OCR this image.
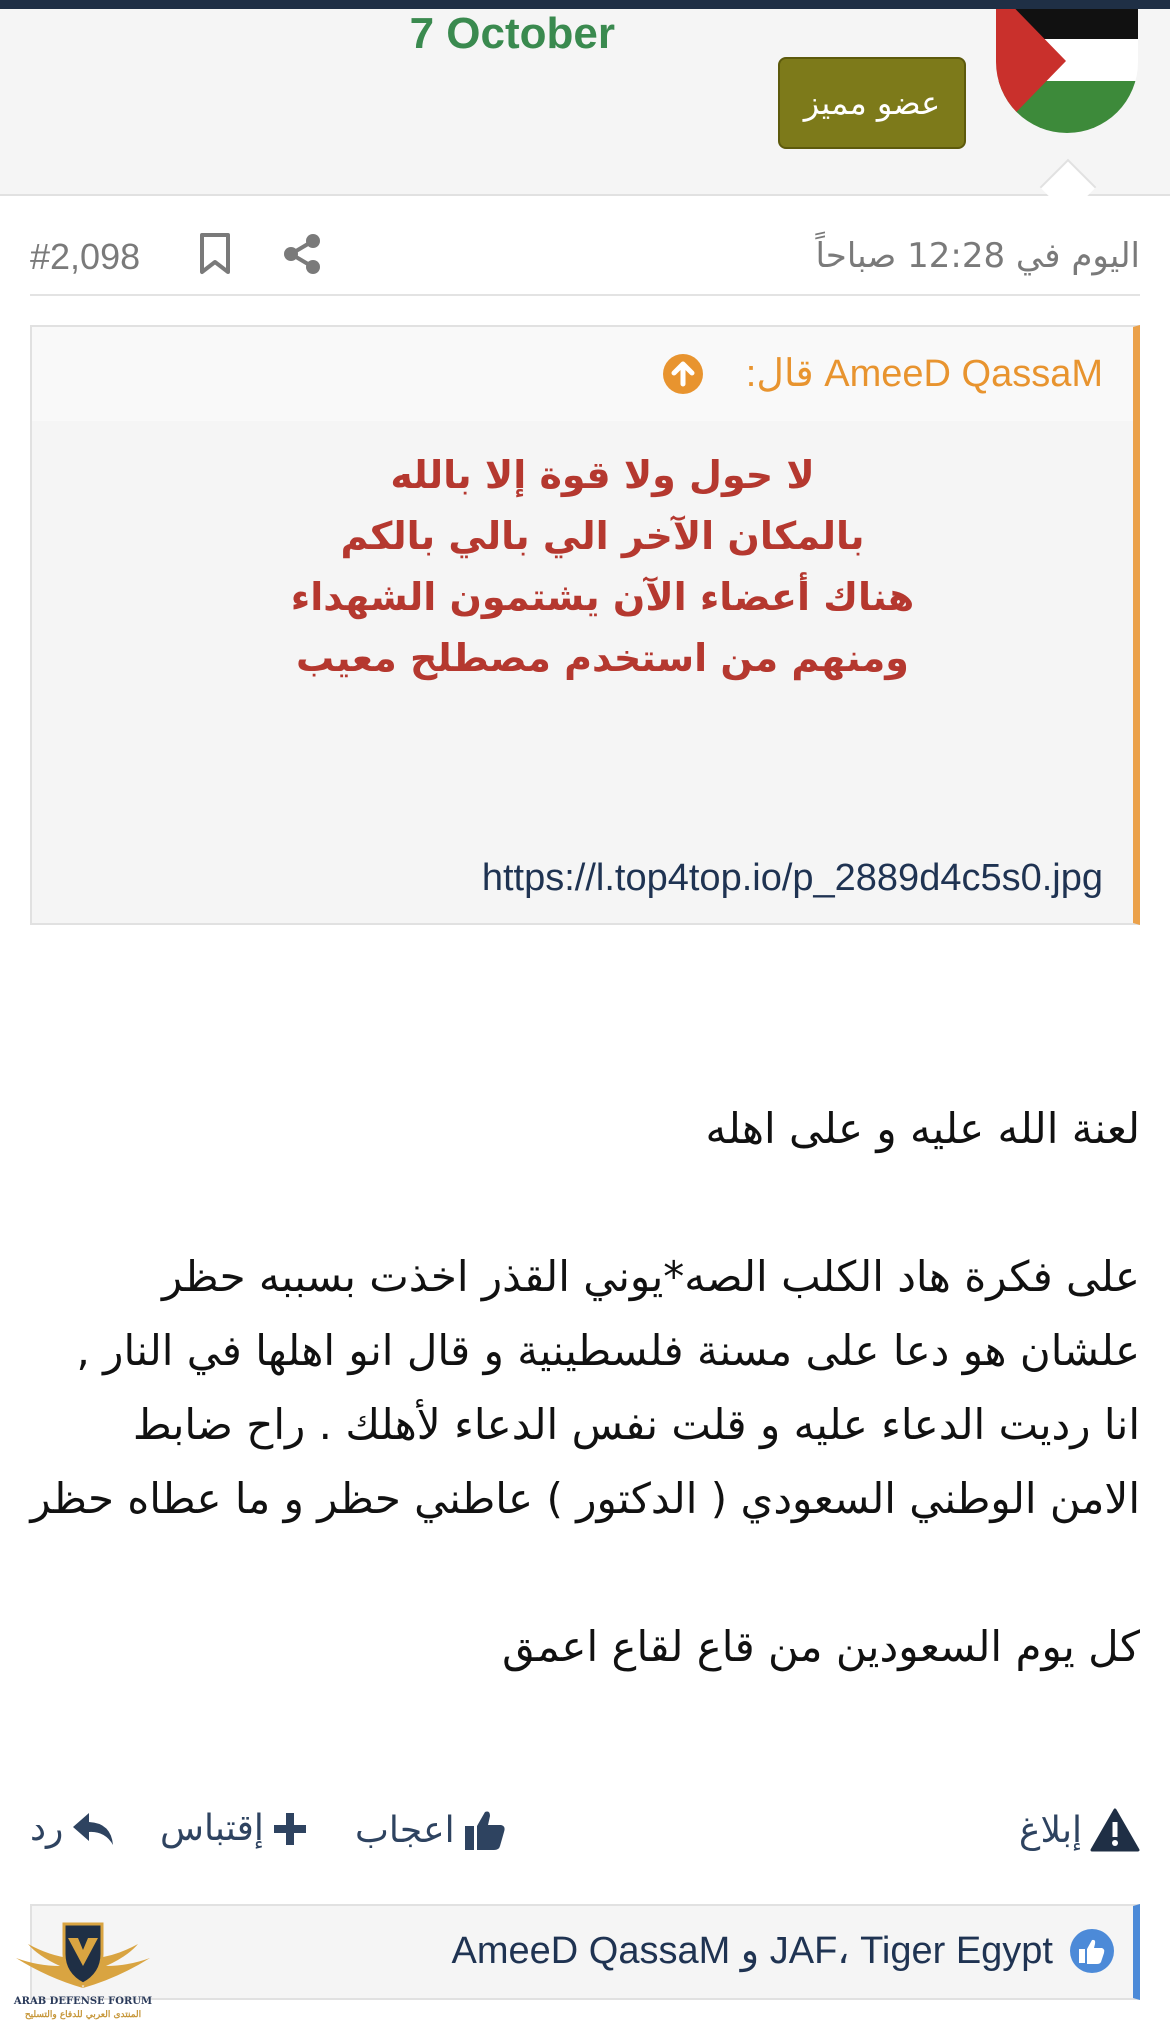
7 October
عضو مميز
اليوم في 12:28 صباحاً
#2,098
AmeeD QassaM قال:
لا حول ولا قوة إلا بالله
بالمكان الآخر الي بالي بالكم
هناك أعضاء الآن يشتمون الشهداء
ومنهم من استخدم مصطلح معيب
https://l.top4top.io/p_2889d4c5s0.jpg

لعنة الله عليه و على اهله

على فكرة هاد الكلب الصه*يوني القذر اخذت بسببه حظر علشان هو دعا على مسنة فلسطينية و قال انو اهلها في النار , انا رديت الدعاء عليه و قلت نفس الدعاء لأهلك . راح ضابط الامن الوطني السعودي ( الدكتور ) عاطني حظر و ما عطاه حظر

كل يوم السعودين من قاع لقاع اعمق

إبلاغ
اعجاب
إقتباس
رد
JAF، Tiger Egypt و AmeeD QassaM
ARAB DEFENSE FORUM
المنتدى العربي للدفاع والتسليح
